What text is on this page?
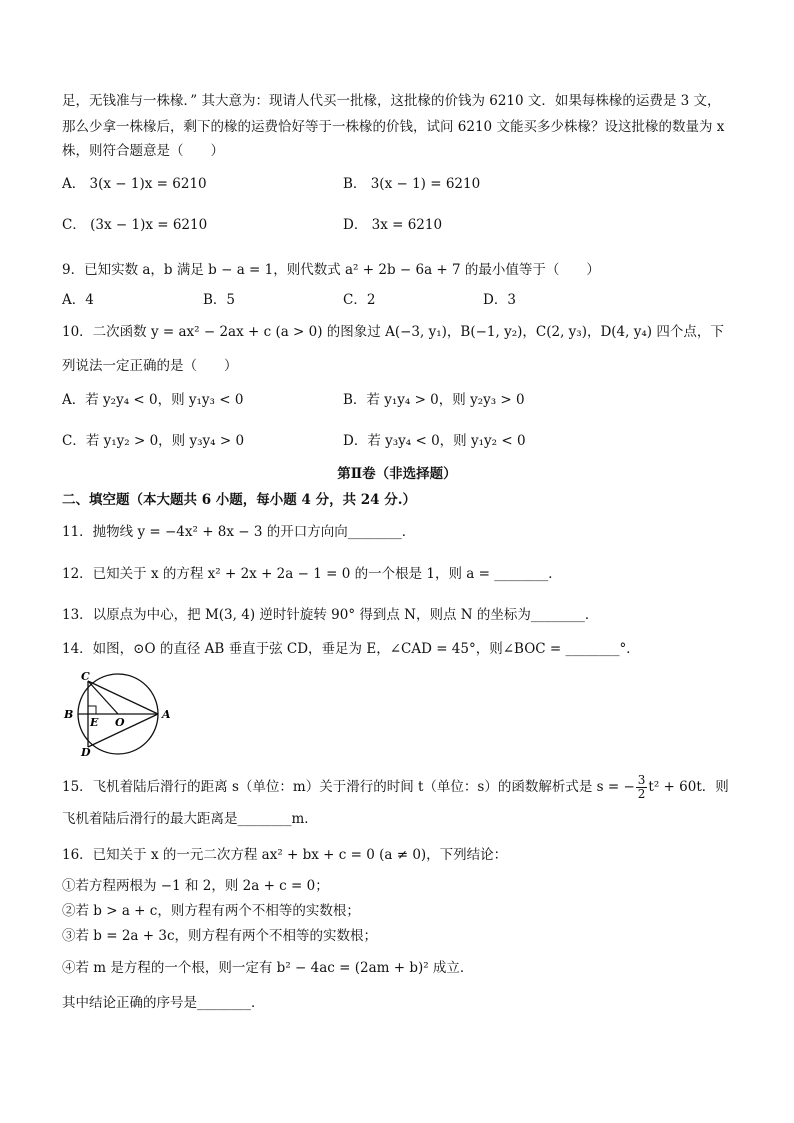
足，无钱准与一株椽．” 其大意为：现请人代买一批椽，这批椽的价钱为 6210 文．如果每株椽的运费是 3 文，
那么少拿一株椽后，剩下的椽的运费恰好等于一株椽的价钱，试问 6210 文能买多少株椽？设这批椽的数量为 x
株，则符合题意是（　　）
A． 3(x − 1)x = 6210	B． 3(x − 1) = 6210
C． (3x − 1)x = 6210	D． 3x = 6210
9．已知实数 a，b 满足 b − a = 1，则代数式 a² + 2b − 6a + 7 的最小值等于（　　）
A．4	B．5	C．2	D．3
10．二次函数 y = ax² − 2ax + c (a > 0) 的图象过 A(−3, y₁)，B(−1, y₂)，C(2, y₃)，D(4, y₄) 四个点，下
列说法一定正确的是（　　）
A．若 y₂y₄ < 0，则 y₁y₃ < 0	B．若 y₁y₄ > 0，则 y₂y₃ > 0
C．若 y₁y₂ > 0，则 y₃y₄ > 0	D．若 y₃y₄ < 0，则 y₁y₂ < 0
第Ⅱ卷（非选择题）
二、填空题（本大题共 6 小题，每小题 4 分，共 24 分.）
11．抛物线 y = −4x² + 8x − 3 的开口方向向________．
12．已知关于 x 的方程 x² + 2x + 2a − 1 = 0 的一个根是 1，则 a = ________．
13．以原点为中心，把 M(3, 4) 逆时针旋转 90° 得到点 N，则点 N 的坐标为________．
14．如图，⊙O 的直径 AB 垂直于弦 CD，垂足为 E，∠CAD = 45°，则∠BOC = ________°．
C
B
E O
A
D
15．飞机着陆后滑行的距离 s（单位：m）关于滑行的时间 t（单位：s）的函数解析式是 s = − $\frac{3}{2} t^2 + 60t$．则
飞机着陆后滑行的最大距离是________m．
16．已知关于 x 的一元二次方程 ax² + bx + c = 0 (a ≠ 0)，下列结论：
①若方程两根为 −1 和 2，则 2a + c = 0；
②若 b > a + c，则方程有两个不相等的实数根；
③若 b = 2a + 3c，则方程有两个不相等的实数根；
④若 m 是方程的一个根，则一定有 b² − 4ac = (2am + b)² 成立．
其中结论正确的序号是________．
